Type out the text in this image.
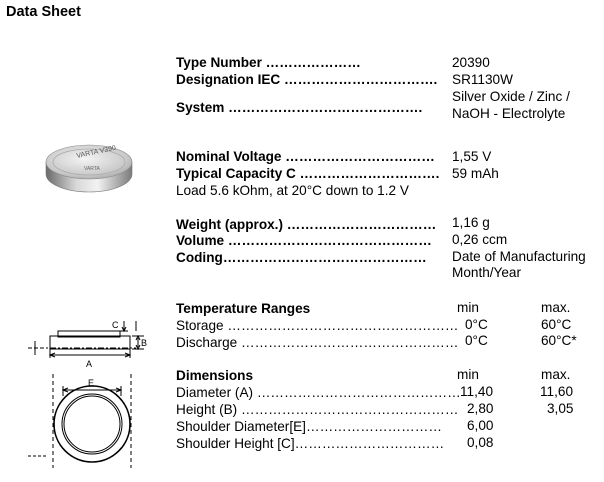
Data Sheet
Type Number …………………	20390
Designation IEC ……………………………. SR1130W
System …………………………………….
Silver Oxide / Zinc /
NaOH - Electrolyte
VARTA V390
VARTA
Nominal Voltage …………………………… 1,55 V
Typical Capacity C …………………………. 59 mAh
Load 5.6 kOhm, at 20°C down to 1.2 V
Weight (approx.) …………………………… 1,16 g
Volume ……………………………………… 0,26 ccm
Coding……………………………………… Date of Manufacturing
Month/Year
A
B
C
E
Temperature Ranges	min	max.
Storage …………………………………………… 0°C	60°C
Discharge ………………………………………… 0°C	60°C*
Dimensions	min	max.
Diameter (A) ……………………………………… 11,40	11,60
Height (B) ………………………………………… 2,80	3,05
Shoulder Diameter[E]………………………… 6,00
Shoulder Height [C]…………………………… 0,08
